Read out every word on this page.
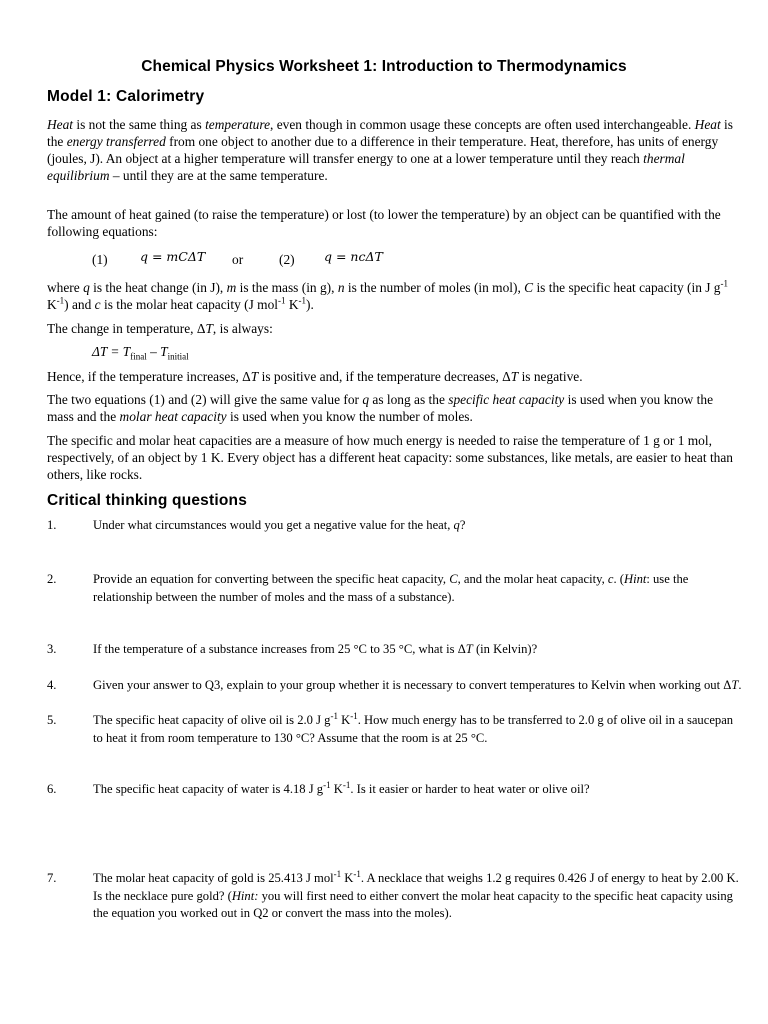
Chemical Physics Worksheet 1: Introduction to Thermodynamics
Model 1: Calorimetry
Heat is not the same thing as temperature, even though in common usage these concepts are often used interchangeable. Heat is the energy transferred from one object to another due to a difference in their temperature. Heat, therefore, has units of energy (joules, J). An object at a higher temperature will transfer energy to one at a lower temperature until they reach thermal equilibrium – until they are at the same temperature.
The amount of heat gained (to raise the temperature) or lost (to lower the temperature) by an object can be quantified with the following equations:
(1)	q = mCΔT or	(2) q = ncΔT
where q is the heat change (in J), m is the mass (in g), n is the number of moles (in mol), C is the specific heat capacity (in J $g^{-1}$ $K^{-1}$) and c is the molar heat capacity (J mol$^{-1}$ $K^{-1}$).
The change in temperature, ΔT, is always:
$\Delta T = T_{final} - T_{initial}$
Hence, if the temperature increases, ΔT is positive and, if the temperature decreases, ΔT is negative.
The two equations (1) and (2) will give the same value for q as long as the specific heat capacity is used when you know the mass and the molar heat capacity is used when you know the number of moles.
The specific and molar heat capacities are a measure of how much energy is needed to raise the temperature of 1 g or 1 mol, respectively, of an object by 1 K. Every object has a different heat capacity: some substances, like metals, are easier to heat than others, like rocks.
Critical thinking questions
1.	Under what circumstances would you get a negative value for the heat, q?
2.	Provide an equation for converting between the specific heat capacity, C, and the molar heat capacity, c. (Hint: use the relationship between the number of moles and the mass of a substance).
3.	If the temperature of a substance increases from 25 °C to 35 °C, what is ΔT (in Kelvin)?
4.	Given your answer to Q3, explain to your group whether it is necessary to convert temperatures to Kelvin when working out ΔT.
5.	The specific heat capacity of olive oil is 2.0 J $g^{-1}$ $K^{-1}$. How much energy has to be transferred to 2.0 g of olive oil in a saucepan to heat it from room temperature to 130 °C? Assume that the room is at 25 °C.
6.	The specific heat capacity of water is 4.18 J $g^{-1}$ $K^{-1}$. Is it easier or harder to heat water or olive oil?
7.	The molar heat capacity of gold is 25.413 J mol$^{-1}$ $K^{-1}$. A necklace that weighs 1.2 g requires 0.426 J of energy to heat by 2.00 K. Is the necklace pure gold? (Hint: you will first need to either convert the molar heat capacity to the specific heat capacity using the equation you worked out in Q2 or convert the mass into the moles).
